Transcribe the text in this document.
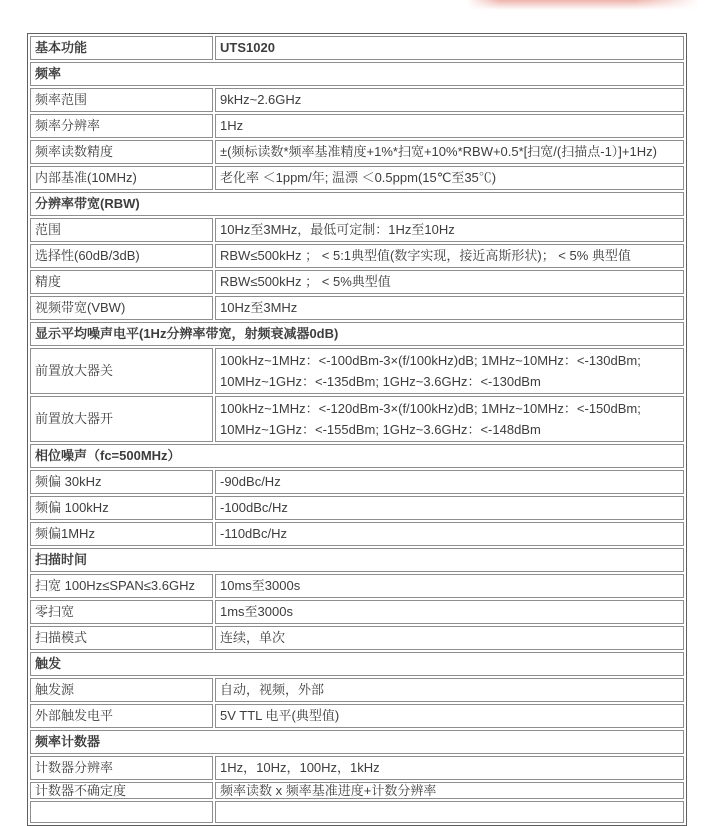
基本功能	UTS1020
频率	
频率范围	9kHz~2.6GHz
频率分辨率	1Hz
频率读数精度	±(频标读数*频率基准精度+1%*扫宽+10%*RBW+0.5*[扫宽/(扫描点-1）]+1Hz)
内部基准(10MHz)	老化率 ＜1ppm/年; 温漂 ＜0.5ppm(15℃至35℃)
分辨率带宽(RBW)	
范围	10Hz至3MHz，最低可定制：1Hz至10Hz
选择性(60dB/3dB)	RBW≤500kHz ； < 5:1典型值(数字实现，接近高斯形状)； < 5% 典型值
精度	RBW≤500kHz ； < 5%典型值
视频带宽(VBW)	10Hz至3MHz
显示平均噪声电平(1Hz分辨率带宽，射频衰减器0dB)	
前置放大器关	100kHz~1MHz：<-100dBm-3×(f/100kHz)dB; 1MHz~10MHz：<-130dBm;
10MHz~1GHz：<-135dBm; 1GHz~3.6GHz：<-130dBm

前置放大器开	100kHz~1MHz：<-120dBm-3×(f/100kHz)dB; 1MHz~10MHz：<-150dBm;
10MHz~1GHz：<-155dBm; 1GHz~3.6GHz：<-148dBm

相位噪声（fc=500MHz）	
频偏 30kHz	-90dBc/Hz
频偏 100kHz	-100dBc/Hz
频偏1MHz	-110dBc/Hz
扫描时间	
扫宽 100Hz≤SPAN≤3.6GHz	10ms至3000s
零扫宽	1ms至3000s
扫描模式	连续，单次
触发	
触发源	自动，视频，外部
外部触发电平	5V TTL 电平(典型值)
频率计数器	
计数器分辨率	1Hz，10Hz，100Hz，1kHz
计数器不确定度	频率读数 x 频率基准进度+计数分辨率
